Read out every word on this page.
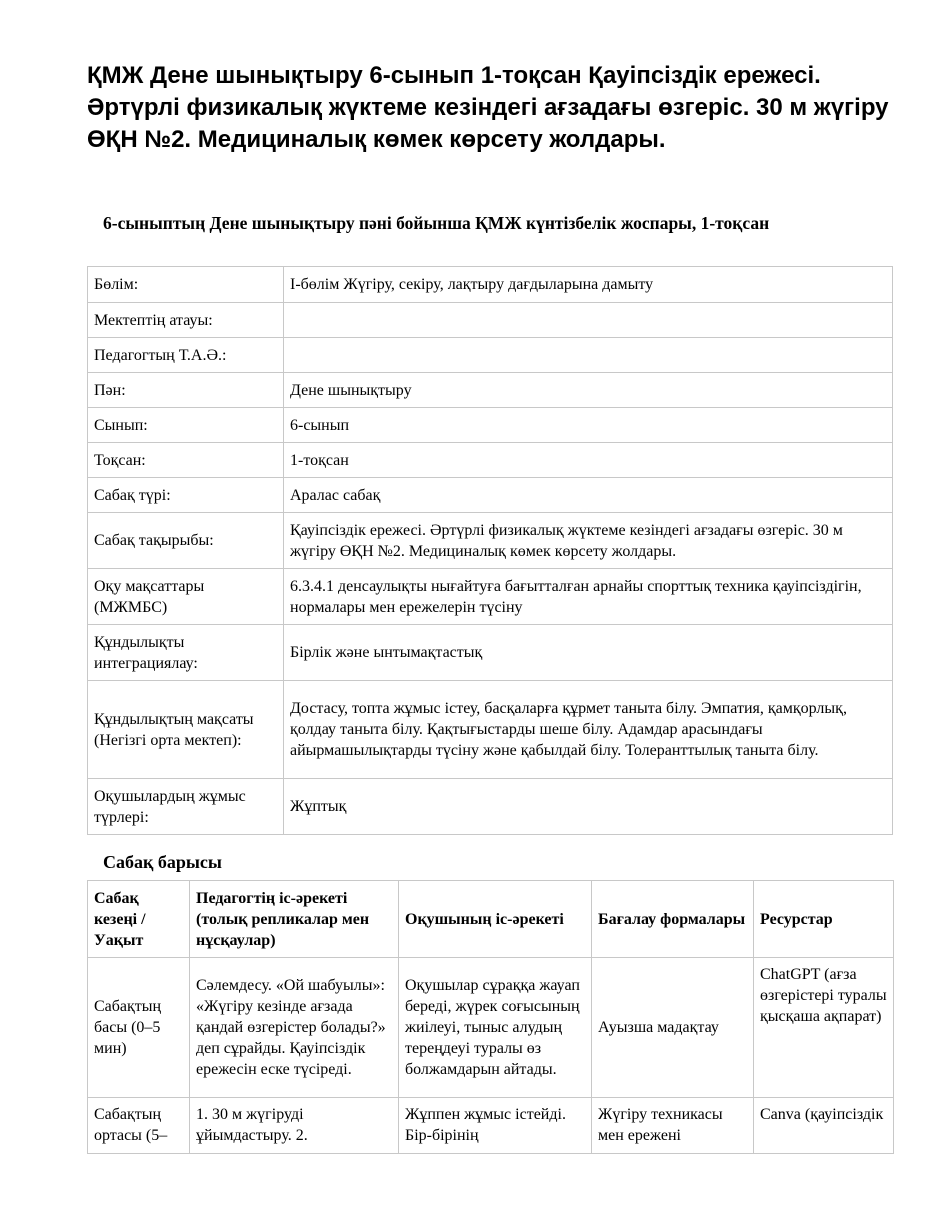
ҚМЖ Дене шынықтыру 6-сынып 1-тоқсан Қауіпсіздік ережесі. Әртүрлі физикалық жүктеме кезіндегі ағзадағы өзгеріс. 30 м жүгіру ӨҚН №2. Медициналық көмек көрсету жолдары.
6-сыныптың Дене шынықтыру пәні бойынша ҚМЖ күнтізбелік жоспары, 1-тоқсан
Бөлім:	I-бөлім Жүгіру, секіру, лақтыру дағдыларына дамыту
Мектептің атауы:	
Педагогтың Т.А.Ә.:	
Пән:	Дене шынықтыру
Сынып:	6-сынып
Тоқсан:	1-тоқсан
Сабақ түрі:	Аралас сабақ
Сабақ тақырыбы:	Қауіпсіздік ережесі. Әртүрлі физикалық жүктеме кезіндегі ағзадағы өзгеріс. 30 м жүгіру ӨҚН №2. Медициналық көмек көрсету жолдары.
Оқу мақсаттары (МЖМБС)	6.3.4.1 денсаулықты нығайтуға бағытталған арнайы спорттық техника қауіпсіздігін, нормалары мен ережелерін түсіну
Құндылықты интеграциялау:	Бірлік және ынтымақтастық
Құндылықтың мақсаты (Негізгі орта мектеп):	Достасу, топта жұмыс істеу, басқаларға құрмет таныта білу. Эмпатия, қамқорлық, қолдау таныта білу. Қақтығыстарды шеше білу. Адамдар арасындағы айырмашылықтарды түсіну және қабылдай білу. Толеранттылық таныта білу.
Оқушылардың жұмыс түрлері:	Жұптық
Сабақ барысы
Сабақ кезеңі / Уақыт	Педагогтің іс-әрекеті (толық репликалар мен нұсқаулар)	Оқушының іс-әрекеті	Бағалау формалары	Ресурстар
Сабақтың басы (0–5 мин)	Сәлемдесу. «Ой шабуылы»: «Жүгіру кезінде ағзада қандай өзгерістер болады?» деп сұрайды. Қауіпсіздік ережесін еске түсіреді.	Оқушылар сұраққа жауап береді, жүрек соғысының жиілеуі, тыныс алудың тереңдеуі туралы өз болжамдарын айтады.	Ауызша мадақтау	ChatGPT (ағза өзгерістері туралы қысқаша ақпарат)
Сабақтың ортасы (5–	1. 30 м жүгіруді ұйымдастыру. 2.	Жұппен жұмыс істейді. Бір-бірінің	Жүгіру техникасы мен ережені	Canva (қауіпсіздік
